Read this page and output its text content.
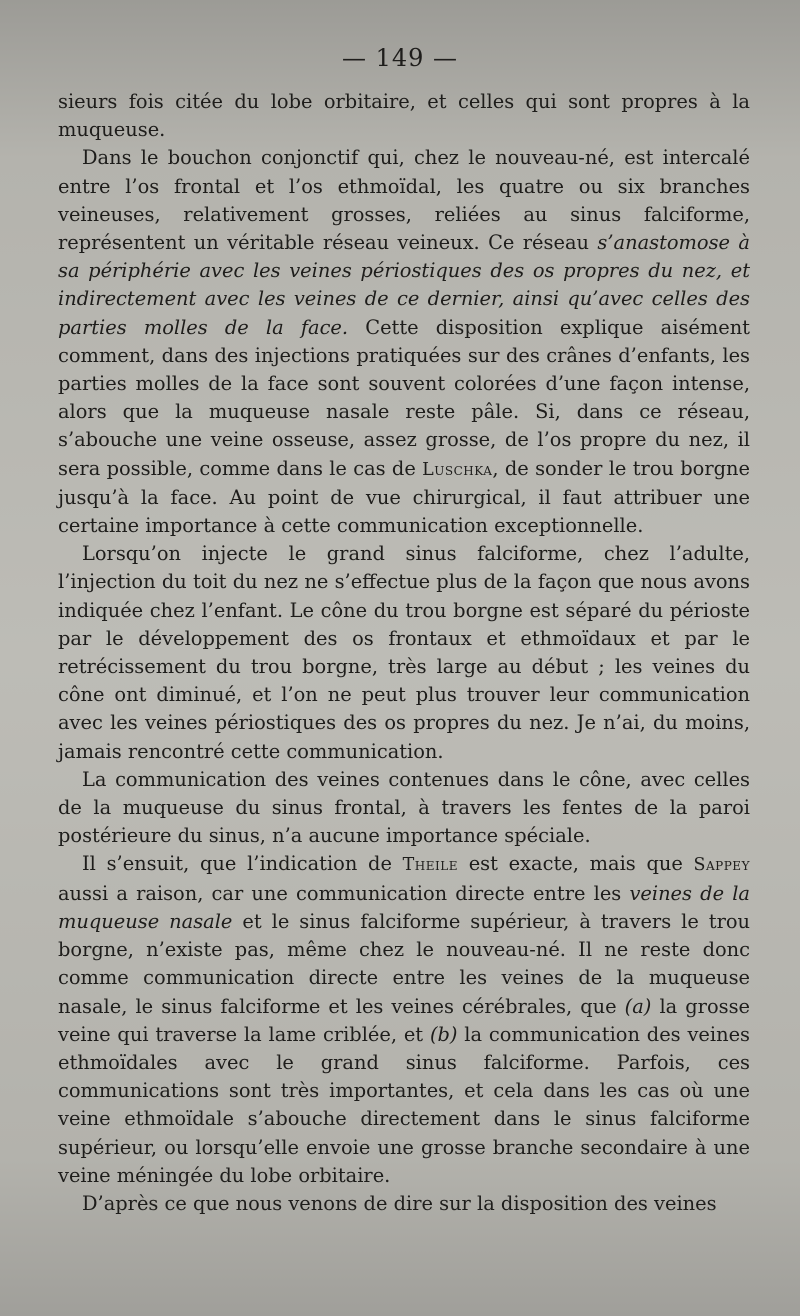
— 149 —

sieurs fois citée du lobe orbitaire, et celles qui sont propres à la muqueuse.

Dans le bouchon conjonctif qui, chez le nouveau-né, est intercalé entre l’os frontal et l’os ethmoïdal, les quatre ou six branches veineuses, relativement grosses, reliées au sinus falciforme, représentent un véritable réseau veineux. Ce réseau s’anastomose à sa périphérie avec les veines périostiques des os propres du nez, et indirectement avec les veines de ce dernier, ainsi qu’avec celles des parties molles de la face. Cette disposition explique aisément comment, dans des injections pratiquées sur des crânes d’enfants, les parties molles de la face sont souvent colorées d’une façon intense, alors que la muqueuse nasale reste pâle. Si, dans ce réseau, s’abouche une veine osseuse, assez grosse, de l’os propre du nez, il sera possible, comme dans le cas de Luschka, de sonder le trou borgne jusqu’à la face. Au point de vue chirurgical, il faut attribuer une certaine importance à cette communication exceptionnelle.

Lorsqu’on injecte le grand sinus falciforme, chez l’adulte, l’injection du toit du nez ne s’effectue plus de la façon que nous avons indiquée chez l’enfant. Le cône du trou borgne est séparé du périoste par le développement des os frontaux et ethmoïdaux et par le retrécissement du trou borgne, très large au début ; les veines du cône ont diminué, et l’on ne peut plus trouver leur communication avec les veines périostiques des os propres du nez. Je n’ai, du moins, jamais rencontré cette communication.

La communication des veines contenues dans le cône, avec celles de la muqueuse du sinus frontal, à travers les fentes de la paroi postérieure du sinus, n’a aucune importance spéciale.

Il s’ensuit, que l’indication de Theile est exacte, mais que Sappey aussi a raison, car une communication directe entre les veines de la muqueuse nasale et le sinus falciforme supérieur, à travers le trou borgne, n’existe pas, même chez le nouveau-né. Il ne reste donc comme communication directe entre les veines de la muqueuse nasale, le sinus falciforme et les veines cérébrales, que (a) la grosse veine qui traverse la lame criblée, et (b) la communication des veines ethmoïdales avec le grand sinus falciforme. Parfois, ces communications sont très importantes, et cela dans les cas où une veine ethmoïdale s’abouche directement dans le sinus falciforme supérieur, ou lorsqu’elle envoie une grosse branche secondaire à une veine méningée du lobe orbitaire.

D’après ce que nous venons de dire sur la disposition des veines
